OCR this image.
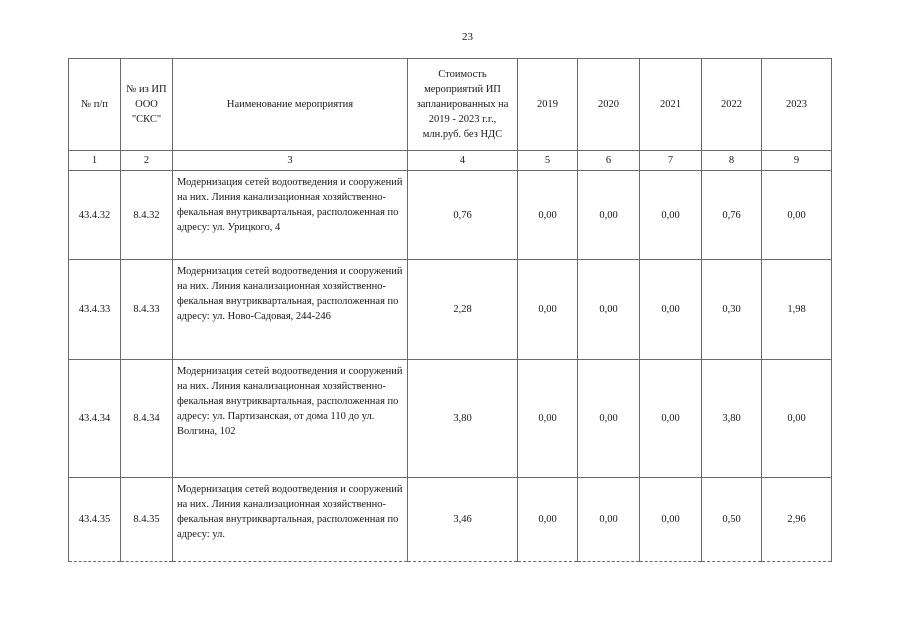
23
№ п/п	№ из ИП ООО "СКС"	Наименование мероприятия	Стоимость мероприятий ИП запланированных на 2019 - 2023 г.г., млн.руб. без НДС	2019	2020	2021	2022	2023
1	2	3	4	5	6	7	8	9
43.4.32	8.4.32	Модернизация сетей водоотведения и сооружений на них. Линия канализационная хозяйственно-фекальная внутриквартальная, расположенная по адресу: ул. Урицкого, 4	0,76	0,00	0,00	0,00	0,76	0,00
43.4.33	8.4.33	Модернизация сетей водоотведения и сооружений на них. Линия канализационная хозяйственно-фекальная внутриквартальная, расположенная по адресу: ул. Ново-Садовая, 244-246	2,28	0,00	0,00	0,00	0,30	1,98
43.4.34	8.4.34	Модернизация сетей водоотведения и сооружений на них. Линия канализационная хозяйственно-фекальная внутриквартальная, расположенная по адресу: ул. Партизанская, от дома 110 до ул. Волгина, 102	3,80	0,00	0,00	0,00	3,80	0,00
43.4.35	8.4.35	Модернизация сетей водоотведения и сооружений на них. Линия канализационная хозяйственно-фекальная внутриквартальная, расположенная по адресу: ул.	3,46	0,00	0,00	0,00	0,50	2,96
